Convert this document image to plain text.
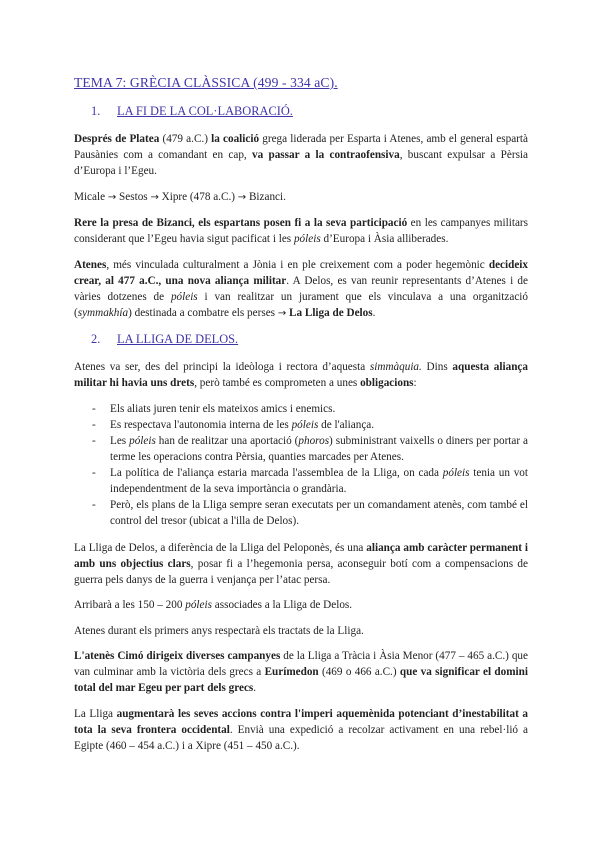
TEMA 7: GRÈCIA CLÀSSICA (499 - 334 aC).
1. LA FI DE LA COL·LABORACIÓ.

Després de Platea (479 a.C.) la coalició grega liderada per Esparta i Atenes, amb el general espartà Pausànies com a comandant en cap, va passar a la contraofensiva, buscant expulsar a Pèrsia d’Europa i l’Egeu.

Micale → Sestos → Xipre (478 a.C.) → Bizanci.

Rere la presa de Bizanci, els espartans posen fi a la seva participació en les campanyes militars considerant que l’Egeu havia sigut pacificat i les póleis d’Europa i Àsia alliberades.

Atenes, més vinculada culturalment a Jònia i en ple creixement com a poder hegemònic decideix crear, al 477 a.C., una nova aliança militar. A Delos, es van reunir representants d’Atenes i de vàries dotzenes de póleis i van realitzar un jurament que els vinculava a una organització (symmakhía) destinada a combatre els perses → La Lliga de Delos.

2. LA LLIGA DE DELOS.

Atenes va ser, des del principi la ideòloga i rectora d’aquesta simmàquia. Dins aquesta aliança militar hi havia uns drets, però també es comprometen a unes obligacions:

- Els aliats juren tenir els mateixos amics i enemics.
- Es respectava l'autonomia interna de les póleis de l'aliança.
- Les póleis han de realitzar una aportació (phoros) subministrant vaixells o diners per portar a terme les operacions contra Pèrsia, quanties marcades per Atenes.
- La política de l'aliança estaria marcada l'assemblea de la Lliga, on cada póleis tenia un vot independentment de la seva importància o grandària.
- Però, els plans de la Lliga sempre seran executats per un comandament atenès, com també el control del tresor (ubicat a l'illa de Delos).

La Lliga de Delos, a diferència de la Lliga del Peloponès, és una aliança amb caràcter permanent i amb uns objectius clars, posar fi a l’hegemonia persa, aconseguir botí com a compensacions de guerra pels danys de la guerra i venjança per l’atac persa.

Arribarà a les 150 – 200 póleis associades a la Lliga de Delos.

Atenes durant els primers anys respectarà els tractats de la Lliga.

L'atenès Cimó dirigeix diverses campanyes de la Lliga a Tràcia i Àsia Menor (477 – 465 a.C.) que van culminar amb la victòria dels grecs a Eurímedon (469 o 466 a.C.) que va significar el domini total del mar Egeu per part dels grecs.

La Lliga augmentarà les seves accions contra l'imperi aquemènida potenciant d’inestabilitat a tota la seva frontera occidental. Envià una expedició a recolzar activament en una rebel·lió a Egipte (460 – 454 a.C.) i a Xipre (451 – 450 a.C.).
